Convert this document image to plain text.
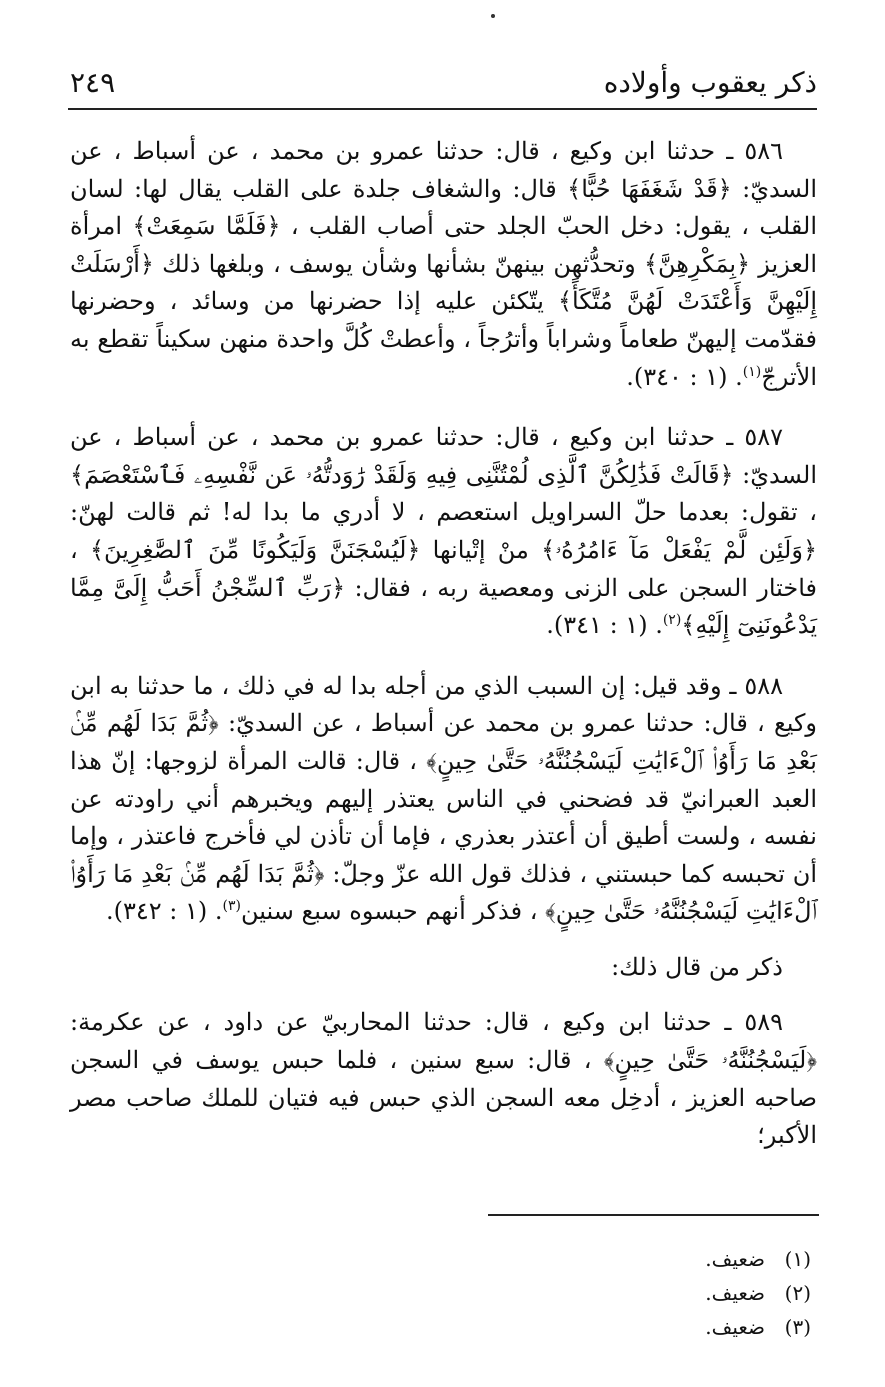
ذكر يعقوب وأولاده
٢٤٩

٥٨٦ ـ حدثنا ابن وكيع ، قال: حدثنا عمرو بن محمد ، عن أسباط ، عن السديّ: ﴿قَدْ شَغَفَهَا حُبًّا﴾ قال: والشغاف جلدة على القلب يقال لها: لسان القلب ، يقول: دخل الحبّ الجلد حتى أصاب القلب ، ﴿فَلَمَّا سَمِعَتْ﴾ امرأة العزيز ﴿بِمَكْرِهِنَّ﴾ وتحدُّثهن بينهنّ بشأنها وشأن يوسف ، وبلغها ذلك ﴿أَرْسَلَتْ إِلَيْهِنَّ وَأَعْتَدَتْ لَهُنَّ مُتَّكَأً﴾ يتّكئن عليه إذا حضرنها من وسائد ، وحضرنها فقدّمت إليهنّ طعاماً وشراباً وأترُجاً ، وأعطتْ كُلَّ واحدة منهن سكيناً تقطع به الأترجّ$^{(١)}$. (١ : ٣٤٠).

٥٨٧ ـ حدثنا ابن وكيع ، قال: حدثنا عمرو بن محمد ، عن أسباط ، عن السديّ: ﴿قَالَتْ فَذَٰلِكُنَّ ٱلَّذِى لُمْتُنَّنِى فِيهِ وَلَقَدْ رَٰوَدتُّهُۥ عَن نَّفْسِهِۦ فَٱسْتَعْصَمَ﴾ ، تقول: بعدما حلّ السراويل استعصم ، لا أدري ما بدا له! ثم قالت لهنّ: ﴿وَلَئِن لَّمْ يَفْعَلْ مَآ ءَامُرُهُۥ﴾ منْ إتْيانها ﴿لَيُسْجَنَنَّ وَلَيَكُونًا مِّنَ ٱلصَّٰغِرِينَ﴾ ، فاختار السجن على الزنى ومعصية ربه ، فقال: ﴿رَبِّ ٱلسِّجْنُ أَحَبُّ إِلَىَّ مِمَّا يَدْعُونَنِىٓ إِلَيْهِ﴾$^{(٢)}$. (١ : ٣٤١).

٥٨٨ ـ وقد قيل: إن السبب الذي من أجله بدا له في ذلك ، ما حدثنا به ابن وكيع ، قال: حدثنا عمرو بن محمد عن أسباط ، عن السديّ: ﴿ثُمَّ بَدَا لَهُم مِّنۢ بَعْدِ مَا رَأَوُا۟ ٱلْءَايَٰتِ لَيَسْجُنُنَّهُۥ حَتَّىٰ حِينٍ﴾ ، قال: قالت المرأة لزوجها: إنّ هذا العبد العبرانيّ قد فضحني في الناس يعتذر إليهم ويخبرهم أني راودته عن نفسه ، ولست أطيق أن أعتذر بعذري ، فإما أن تأذن لي فأخرج فاعتذر ، وإما أن تحبسه كما حبستني ، فذلك قول الله عزّ وجلّ: ﴿ثُمَّ بَدَا لَهُم مِّنۢ بَعْدِ مَا رَأَوُا۟ ٱلْءَايَٰتِ لَيَسْجُنُنَّهُۥ حَتَّىٰ حِينٍ﴾ ، فذكر أنهم حبسوه سبع سنين$^{(٣)}$. (١ : ٣٤٢).

ذكر من قال ذلك:

٥٨٩ ـ حدثنا ابن وكيع ، قال: حدثنا المحاربيّ عن داود ، عن عكرمة: ﴿لَيَسْجُنُنَّهُۥ حَتَّىٰ حِينٍ﴾ ، قال: سبع سنين ، فلما حبس يوسف في السجن صاحبه العزيز ، أدخِل معه السجن الذي حبس فيه فتيان للملك صاحب مصر الأكبر؛

(١)
ضعيف.
(٢)
ضعيف.
(٣)
ضعيف.
